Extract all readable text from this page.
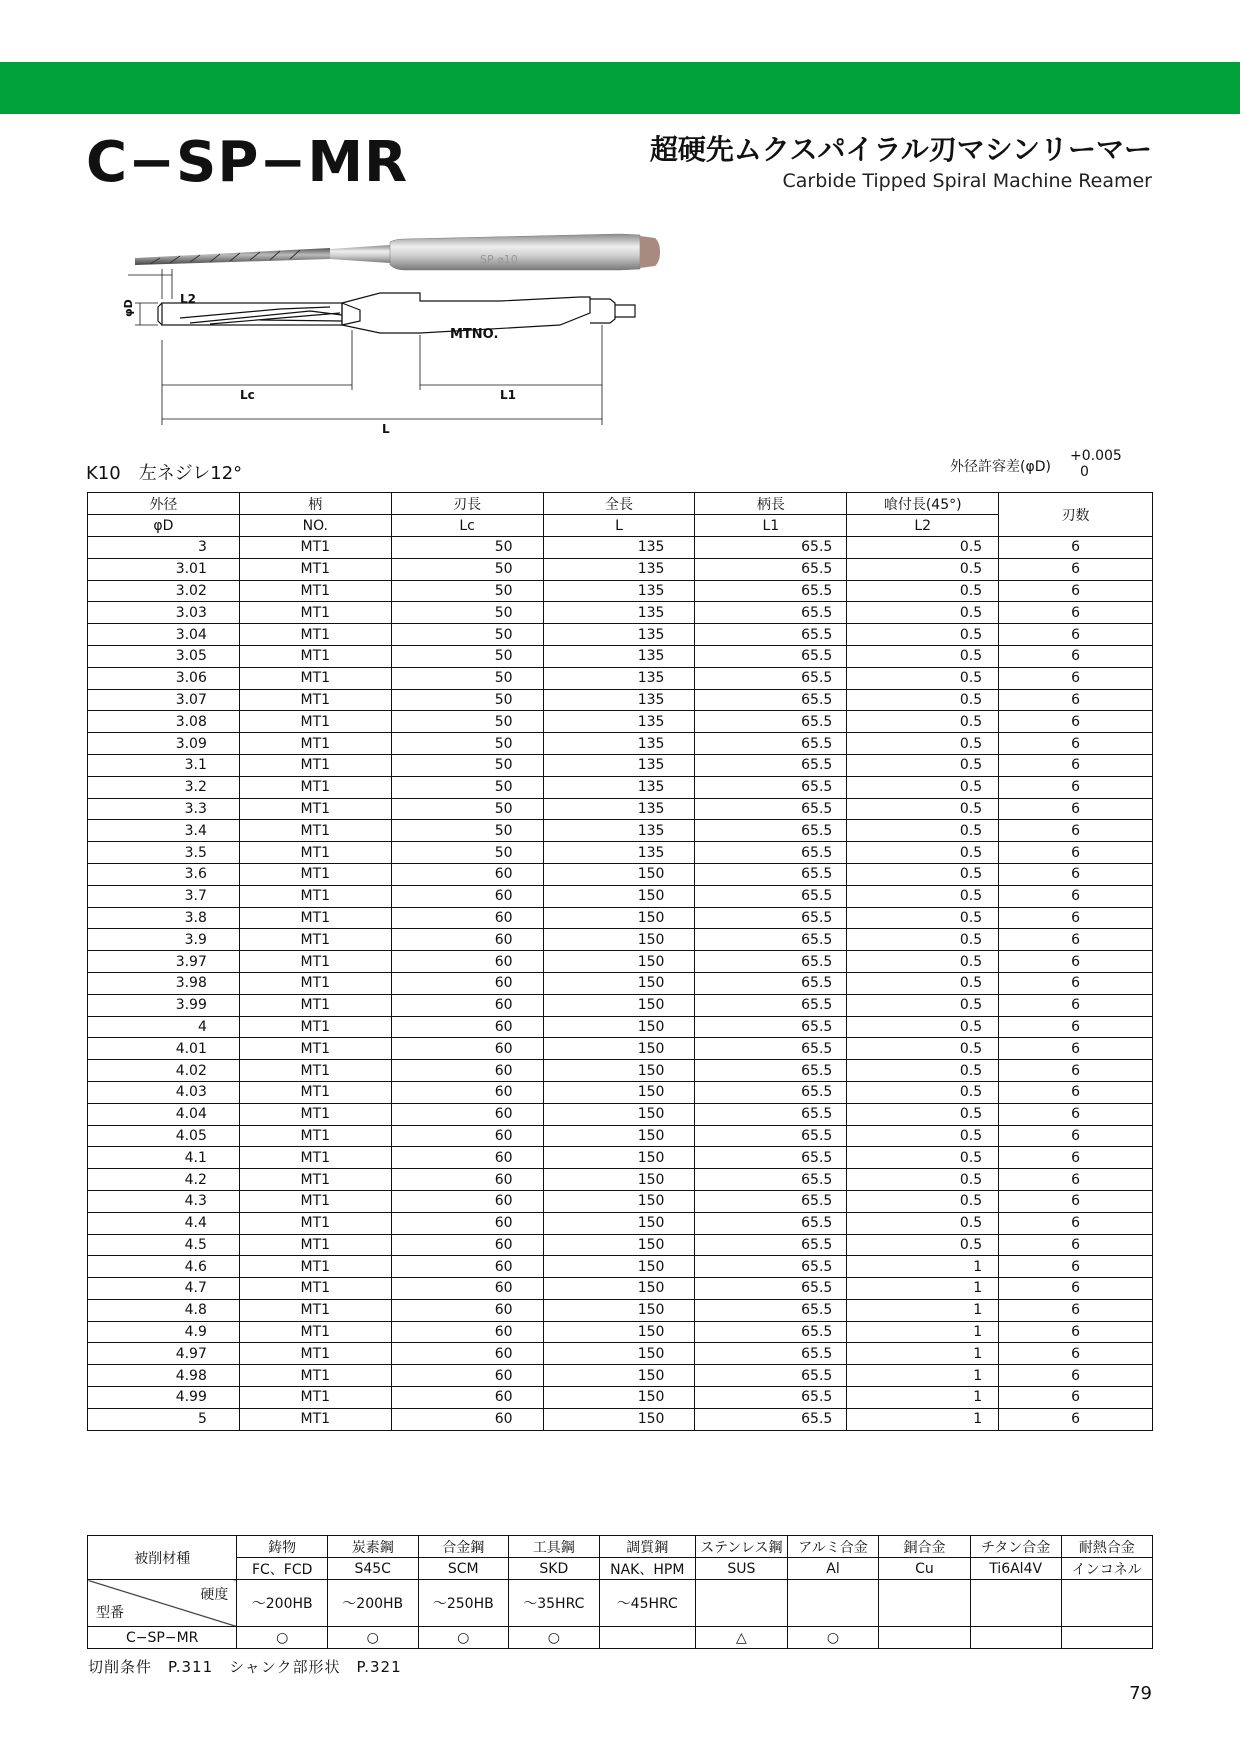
C−SP−MR	超硬先ムクスパイラル刃マシンリーマー
Carbide Tipped Spiral Machine Reamer
SP ⌀10
L2
Lc	L1
L
MTNO.
φD
K10　左ネジレ12°	外径許容差(φD)
+0.005
0
外径	柄	刃長	全長	柄長	喰付長(45°)	刃数
φD	NO.	Lc	L	L1	L2	
3	MT1	50	135	65.5	0.5	6
3.01	MT1	50	135	65.5	0.5	6
3.02	MT1	50	135	65.5	0.5	6
3.03	MT1	50	135	65.5	0.5	6
3.04	MT1	50	135	65.5	0.5	6
3.05	MT1	50	135	65.5	0.5	6
3.06	MT1	50	135	65.5	0.5	6
3.07	MT1	50	135	65.5	0.5	6
3.08	MT1	50	135	65.5	0.5	6
3.09	MT1	50	135	65.5	0.5	6
3.1	MT1	50	135	65.5	0.5	6
3.2	MT1	50	135	65.5	0.5	6
3.3	MT1	50	135	65.5	0.5	6
3.4	MT1	50	135	65.5	0.5	6
3.5	MT1	50	135	65.5	0.5	6
3.6	MT1	60	150	65.5	0.5	6
3.7	MT1	60	150	65.5	0.5	6
3.8	MT1	60	150	65.5	0.5	6
3.9	MT1	60	150	65.5	0.5	6
3.97	MT1	60	150	65.5	0.5	6
3.98	MT1	60	150	65.5	0.5	6
3.99	MT1	60	150	65.5	0.5	6
4	MT1	60	150	65.5	0.5	6
4.01	MT1	60	150	65.5	0.5	6
4.02	MT1	60	150	65.5	0.5	6
4.03	MT1	60	150	65.5	0.5	6
4.04	MT1	60	150	65.5	0.5	6
4.05	MT1	60	150	65.5	0.5	6
4.1	MT1	60	150	65.5	0.5	6
4.2	MT1	60	150	65.5	0.5	6
4.3	MT1	60	150	65.5	0.5	6
4.4	MT1	60	150	65.5	0.5	6
4.5	MT1	60	150	65.5	0.5	6
4.6	MT1	60	150	65.5	1	6
4.7	MT1	60	150	65.5	1	6
4.8	MT1	60	150	65.5	1	6
4.9	MT1	60	150	65.5	1	6
4.97	MT1	60	150	65.5	1	6
4.98	MT1	60	150	65.5	1	6
4.99	MT1	60	150	65.5	1	6
5	MT1	60	150	65.5	1	6
被削材種	鋳物	炭素鋼	合金鋼	工具鋼	調質鋼	ステンレス鋼	アルミ合金	銅合金	チタン合金	耐熱合金
	FC、FCD	S45C	SCM	SKD	NAK、HPM	SUS	Al	Cu	Ti6Al4V	インコネル

硬度
型番	～200HB	～200HB	～250HB	～35HRC	～45HRC					
C−SP−MR	○	○	○	○		△	○			
切削条件　P.311　シャンク部形状　P.321
79
